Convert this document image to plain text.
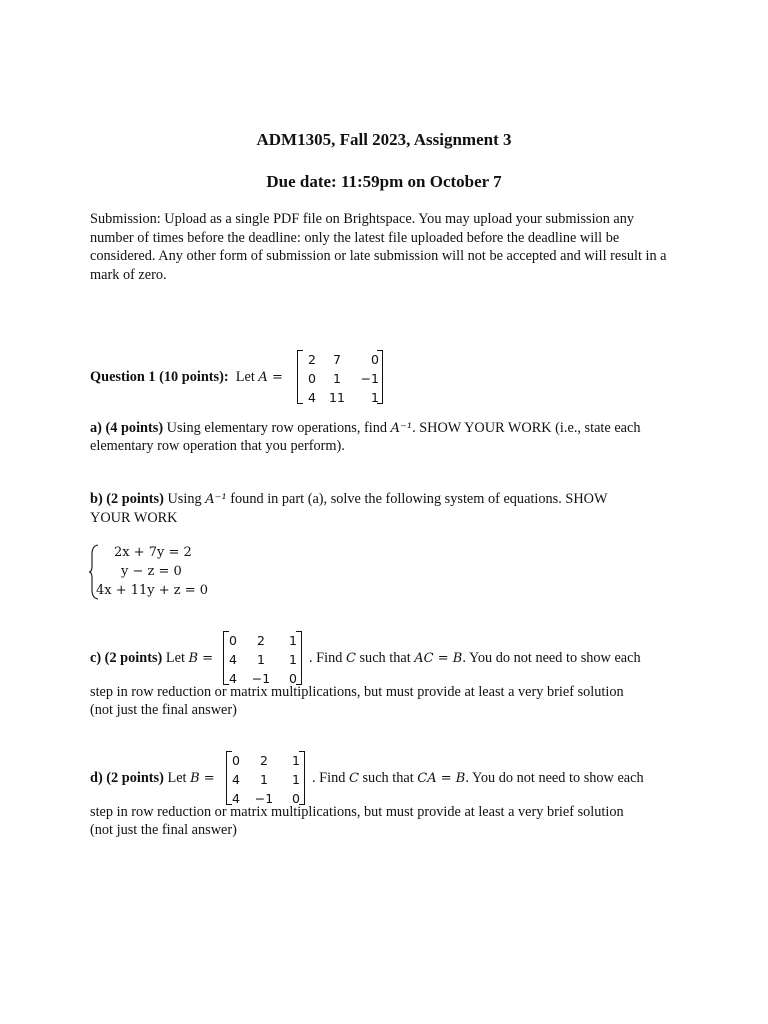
ADM1305, Fall 2023, Assignment 3
Due date: 11:59pm on October 7
Submission: Upload as a single PDF file on Brightspace. You may upload your submission any number of times before the deadline: only the latest file uploaded before the deadline will be considered. Any other form of submission or late submission will not be accepted and will result in a mark of zero.
Question 1 (10 points): Let A =
2	7	0
0	1	−1
4	11	1
a) (4 points) Using elementary row operations, find A⁻¹. SHOW YOUR WORK (i.e., state each
elementary row operation that you perform).
b) (2 points) Using A⁻¹ found in part (a), solve the following system of equations. SHOW
YOUR WORK
2x + 7y = 2
y − z = 0
4x + 11y + z = 0
c) (2 points) Let B =
0	2	1
4	1	1
4	−1	0
. Find C such that AC = B. You do not need to show each
step in row reduction or matrix multiplications, but must provide at least a very brief solution
(not just the final answer)
d) (2 points) Let B =
0	2	1
4	1	1
4	−1	0
. Find C such that CA = B. You do not need to show each
step in row reduction or matrix multiplications, but must provide at least a very brief solution
(not just the final answer)
